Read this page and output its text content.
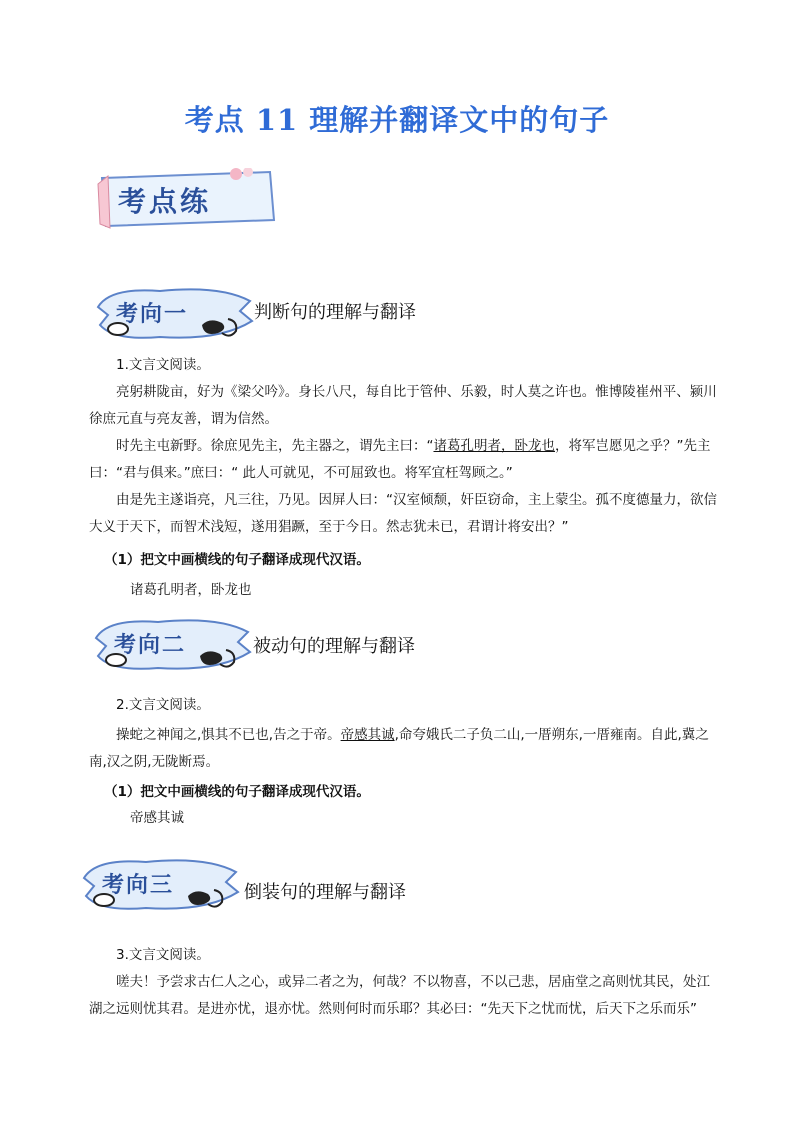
考点 11 理解并翻译文中的句子
考点练
考向一	判断句的理解与翻译
1.文言文阅读。
亮躬耕陇亩，好为《梁父吟》。身长八尺，每自比于管仲、乐毅，时人莫之许也。惟博陵崔州平、颍川徐庶元直与亮友善，谓为信然。
时先主屯新野。徐庶见先主，先主器之，谓先主曰：“诸葛孔明者，卧龙也，将军岂愿见之乎？”先主曰：“君与俱来。”庶曰：“ 此人可就见，不可屈致也。将军宜枉驾顾之。”
由是先主遂诣亮，凡三往，乃见。因屏人曰：“汉室倾颓，奸臣窃命，主上蒙尘。孤不度德量力，欲信大义于天下，而智术浅短，遂用猖蹶，至于今日。然志犹未已，君谓计将安出？”
（1）把文中画横线的句子翻译成现代汉语。
诸葛孔明者，卧龙也
考向二	被动句的理解与翻译
2.文言文阅读。
操蛇之神闻之,惧其不已也,告之于帝。帝感其诚,命夸娥氏二子负二山,一厝朔东,一厝雍南。自此,冀之南,汉之阴,无陇断焉。
（1）把文中画横线的句子翻译成现代汉语。
帝感其诚
考向三	倒装句的理解与翻译
3.文言文阅读。
嗟夫！予尝求古仁人之心，或异二者之为，何哉？不以物喜，不以己悲，居庙堂之高则忧其民，处江湖之远则忧其君。是进亦忧，退亦忧。然则何时而乐耶？其必曰：“先天下之忧而忧，后天下之乐而乐”
